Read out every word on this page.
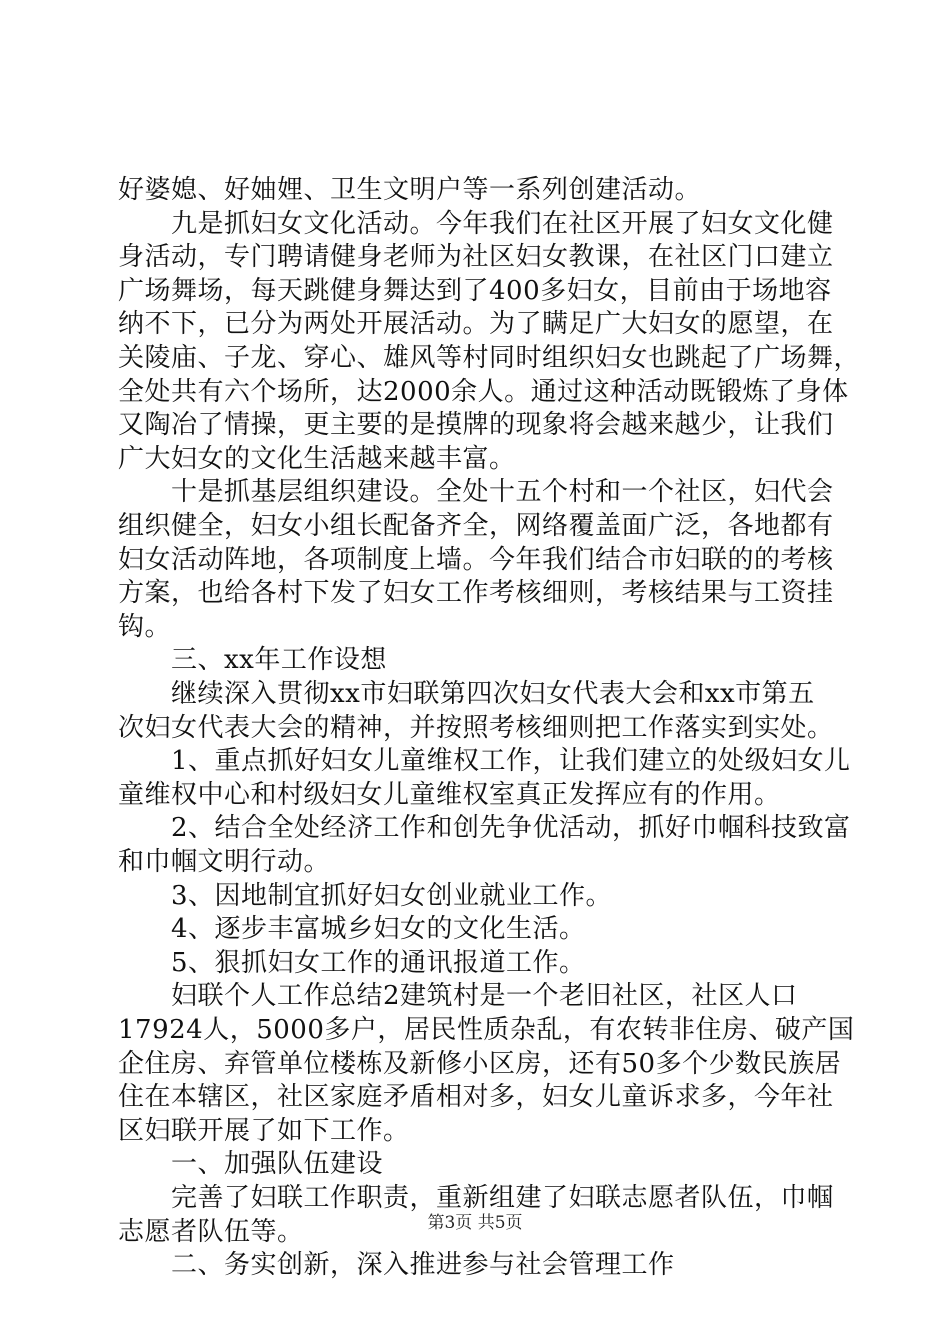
好婆媳、好妯娌、卫生文明户等一系列创建活动。
　　九是抓妇女文化活动。今年我们在社区开展了妇女文化健
身活动，专门聘请健身老师为社区妇女教课，在社区门口建立
广场舞场，每天跳健身舞达到了400多妇女，目前由于场地容
纳不下，已分为两处开展活动。为了瞒足广大妇女的愿望，在
关陵庙、子龙、穿心、雄风等村同时组织妇女也跳起了广场舞，
全处共有六个场所，达2000余人。通过这种活动既锻炼了身体
又陶冶了情操，更主要的是摸牌的现象将会越来越少，让我们
广大妇女的文化生活越来越丰富。
　　十是抓基层组织建设。全处十五个村和一个社区，妇代会
组织健全，妇女小组长配备齐全，网络覆盖面广泛，各地都有
妇女活动阵地，各项制度上墙。今年我们结合市妇联的的考核
方案，也给各村下发了妇女工作考核细则，考核结果与工资挂
钩。
　　三、xx年工作设想
　　继续深入贯彻xx市妇联第四次妇女代表大会和xx市第五
次妇女代表大会的精神，并按照考核细则把工作落实到实处。
　　1、重点抓好妇女儿童维权工作，让我们建立的处级妇女儿
童维权中心和村级妇女儿童维权室真正发挥应有的作用。
　　2、结合全处经济工作和创先争优活动，抓好巾帼科技致富
和巾帼文明行动。
　　3、因地制宜抓好妇女创业就业工作。
　　4、逐步丰富城乡妇女的文化生活。
　　5、狠抓妇女工作的通讯报道工作。
　　妇联个人工作总结2建筑村是一个老旧社区，社区人口
17924人，5000多户，居民性质杂乱，有农转非住房、破产国
企住房、弃管单位楼栋及新修小区房，还有50多个少数民族居
住在本辖区，社区家庭矛盾相对多，妇女儿童诉求多，今年社
区妇联开展了如下工作。
第3页 共5页
　　一、加强队伍建设
　　完善了妇联工作职责，重新组建了妇联志愿者队伍，巾帼
志愿者队伍等。
　　二、务实创新，深入推进参与社会管理工作
